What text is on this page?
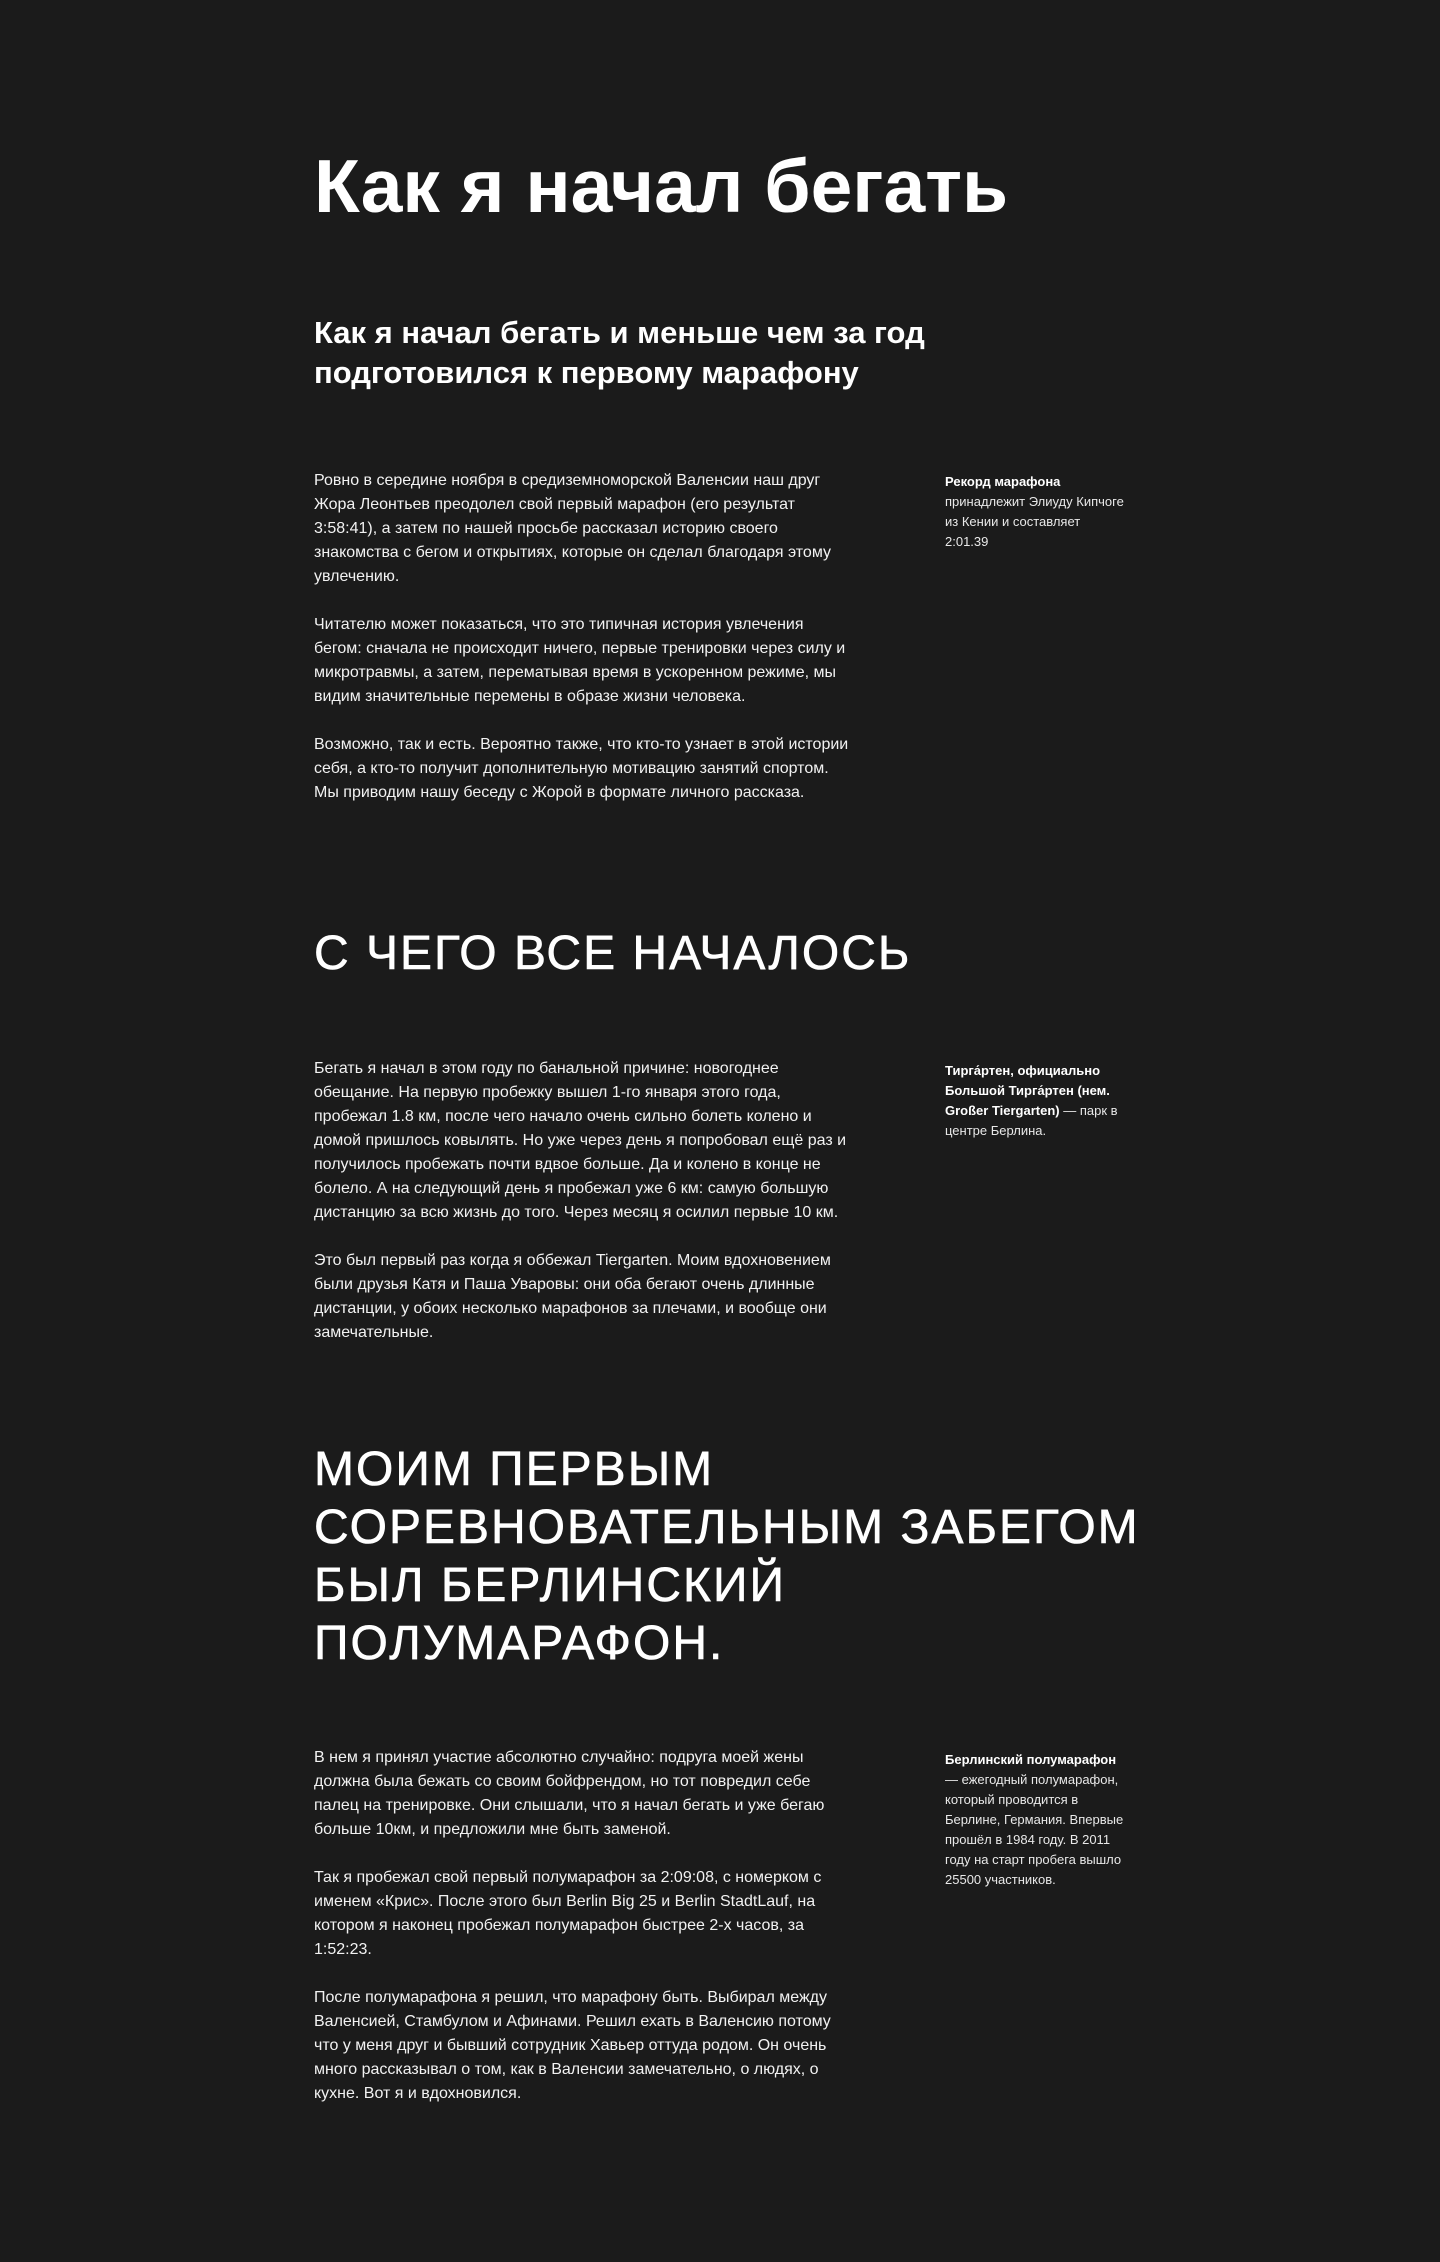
Как я начал бегать
Как я начал бегать и меньше чем за год подготовился к первому марафону

Ровно в середине ноября в средиземноморской Валенсии наш друг Жора Леонтьев преодолел свой первый марафон (его результат 3:58:41), а затем по нашей просьбе рассказал историю своего знакомства с бегом и открытиях, которые он сделал благодаря этому увлечению.

Читателю может показаться, что это типичная история увлечения бегом: сначала не происходит ничего, первые тренировки через силу и микротравмы, а затем, перематывая время в ускоренном режиме, мы видим значительные перемены в образе жизни человека.

Возможно, так и есть. Вероятно также, что кто-то узнает в этой истории себя, а кто-то получит дополнительную мотивацию занятий спортом. Мы приводим нашу беседу с Жорой в формате личного рассказа.

Рекорд марафона
принадлежит Элиуду Кипчоге из Кении и составляет 2:01.39
С ЧЕГО ВСЕ НАЧАЛОСЬ

Бегать я начал в этом году по банальной причине: новогоднее обещание. На первую пробежку вышел 1-го января этого года, пробежал 1.8 км, после чего начало очень сильно болеть колено и домой пришлось ковылять. Но уже через день я попробовал ещё раз и получилось пробежать почти вдвое больше. Да и колено в конце не болело. А на следующий день я пробежал уже 6 км: самую большую дистанцию за всю жизнь до того. Через месяц я осилил первые 10 км.

Это был первый раз когда я оббежал Tiergarten. Моим вдохновением были друзья Катя и Паша Уваровы: они оба бегают очень длинные дистанции, у обоих несколько марафонов за плечами, и вообще они замечательные.

Тирга́ртен, официально Большой Тирга́ртен (нем. Großer Tiergarten) — парк в центре Берлина.
МОИМ ПЕРВЫМ СОРЕВНОВАТЕЛЬНЫМ ЗАБЕГОМ БЫЛ БЕРЛИНСКИЙ ПОЛУМАРАФОН.

В нем я принял участие абсолютно случайно: подруга моей жены должна была бежать со своим бойфрендом, но тот повредил себе палец на тренировке. Они слышали, что я начал бегать и уже бегаю больше 10км, и предложили мне быть заменой.

Так я пробежал свой первый полумарафон за 2:09:08, с номерком с именем «Крис». После этого был Berlin Big 25 и Berlin StadtLauf, на котором я наконец пробежал полумарафон быстрее 2-х часов, за 1:52:23.

После полумарафона я решил, что марафону быть. Выбирал между Валенсией, Стамбулом и Афинами. Решил ехать в Валенсию потому что у меня друг и бывший сотрудник Хавьер оттуда родом. Он очень много рассказывал о том, как в Валенсии замечательно, о людях, о кухне. Вот я и вдохновился.

Берлинский полумарафон — ежегодный полумарафон, который проводится в Берлине, Германия. Впервые прошёл в 1984 году. В 2011 году на старт пробега вышло 25500 участников.
